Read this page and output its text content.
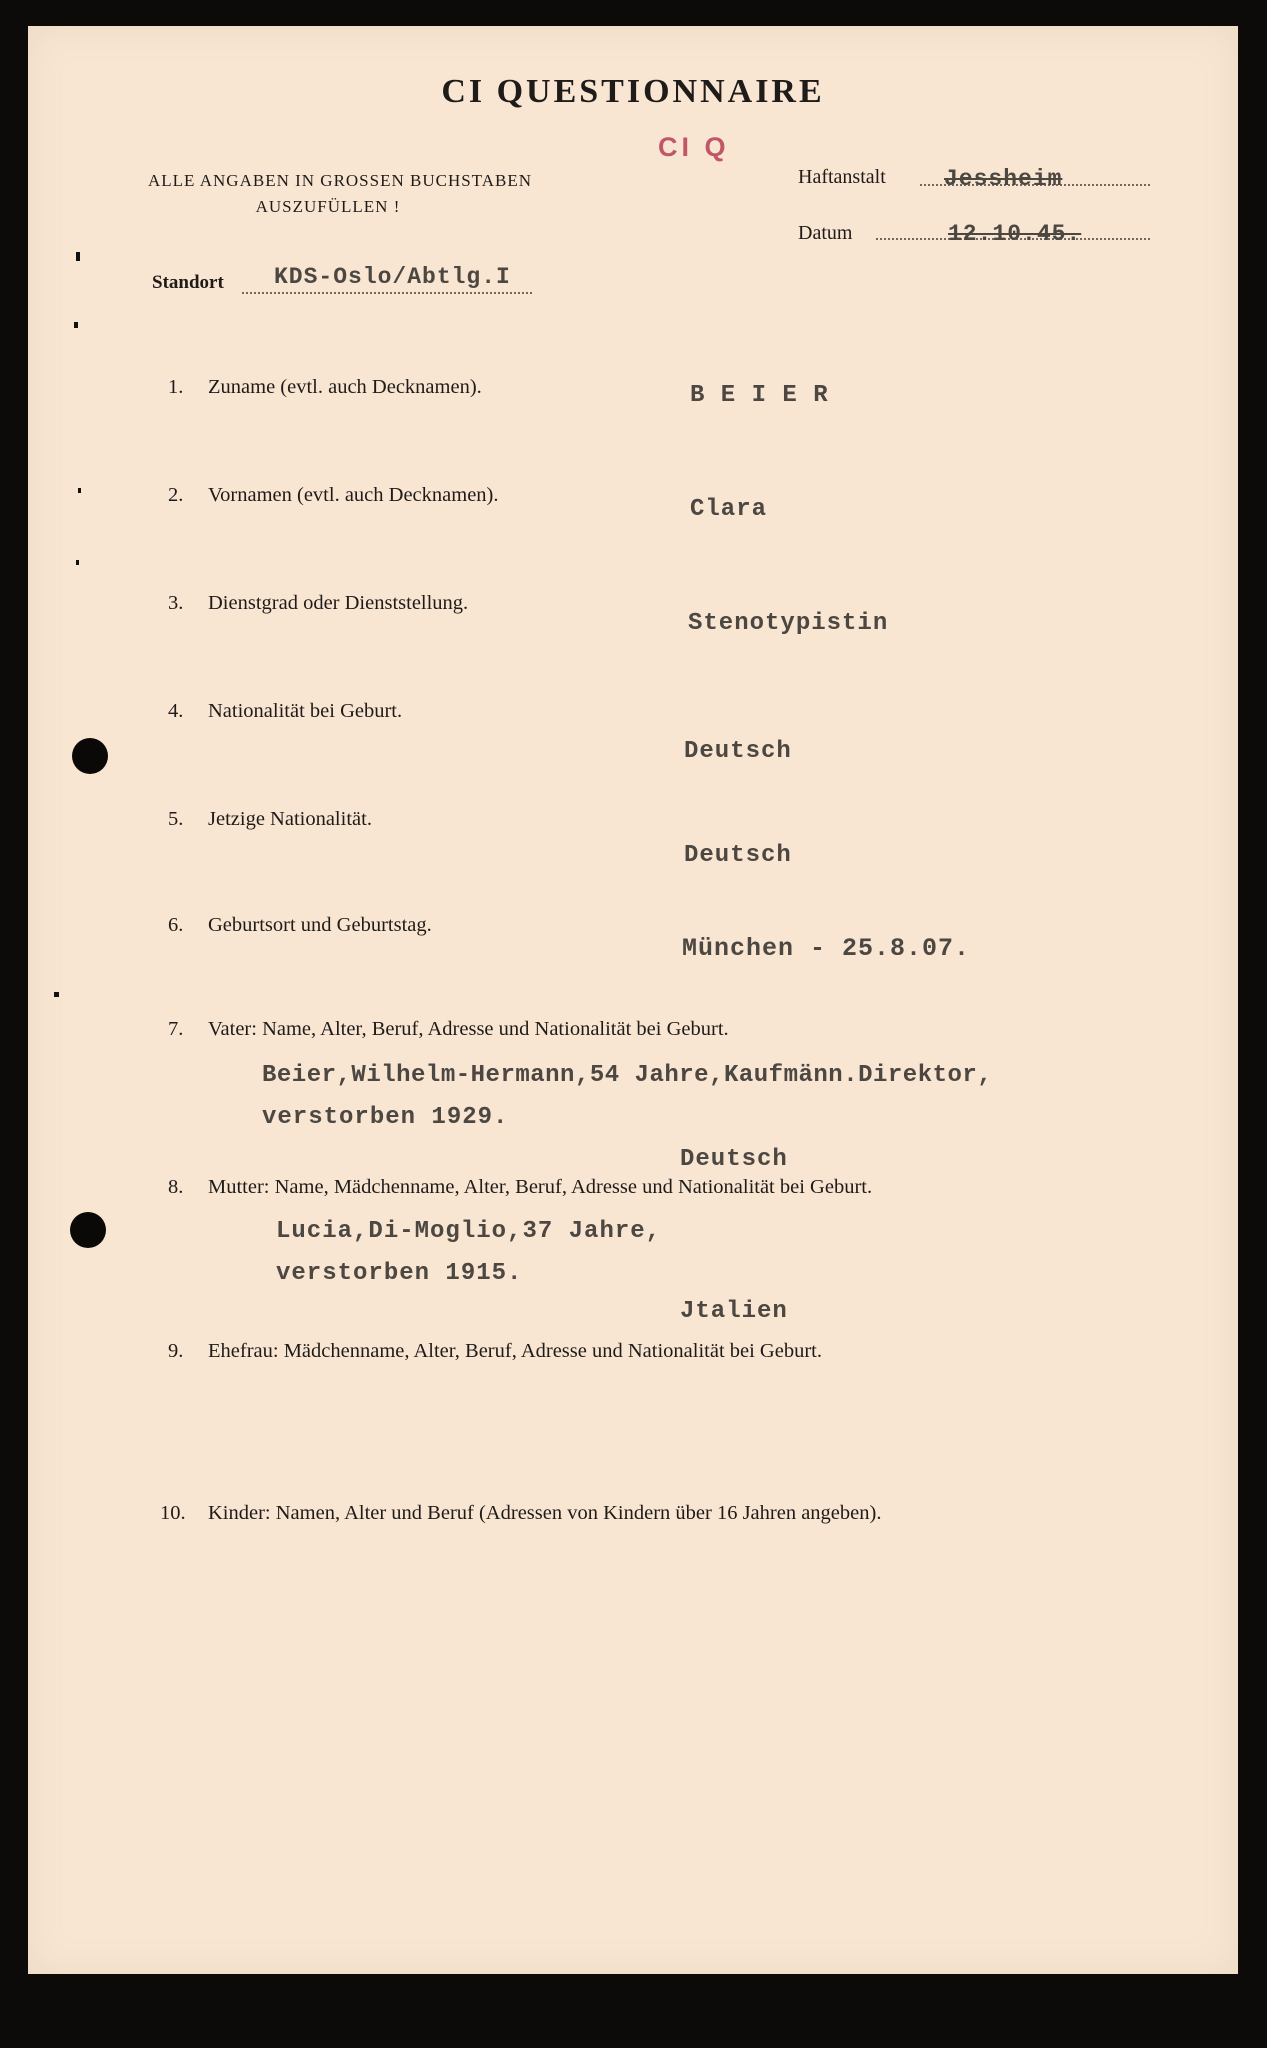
CI QUESTIONNAIRE
CI Q
ALLE ANGABEN IN GROSSEN BUCHSTABEN
AUSZUFÜLLEN !
Haftanstalt	Jessheim
Datum	12.10.45.
Standort KDS-Oslo/Abtlg.I
1. Zuname (evtl. auch Decknamen).	B E I E R
2. Vornamen (evtl. auch Decknamen).
Clara
3. Dienstgrad oder Dienststellung.
Stenotypistin
4. Nationalität bei Geburt.
Deutsch
5. Jetzige Nationalität.
Deutsch
6. Geburtsort und Geburtstag.
München - 25.8.07.
7. Vater: Name, Alter, Beruf, Adresse und Nationalität bei Geburt.
Beier,Wilhelm-Hermann,54 Jahre,Kaufmänn.Direktor,
verstorben 1929.
Deutsch
8. Mutter: Name, Mädchenname, Alter, Beruf, Adresse und Nationalität bei Geburt.
Lucia,Di-Moglio,37 Jahre,
verstorben 1915.
Jtalien
9. Ehefrau: Mädchenname, Alter, Beruf, Adresse und Nationalität bei Geburt.
10. Kinder: Namen, Alter und Beruf (Adressen von Kindern über 16 Jahren angeben).
